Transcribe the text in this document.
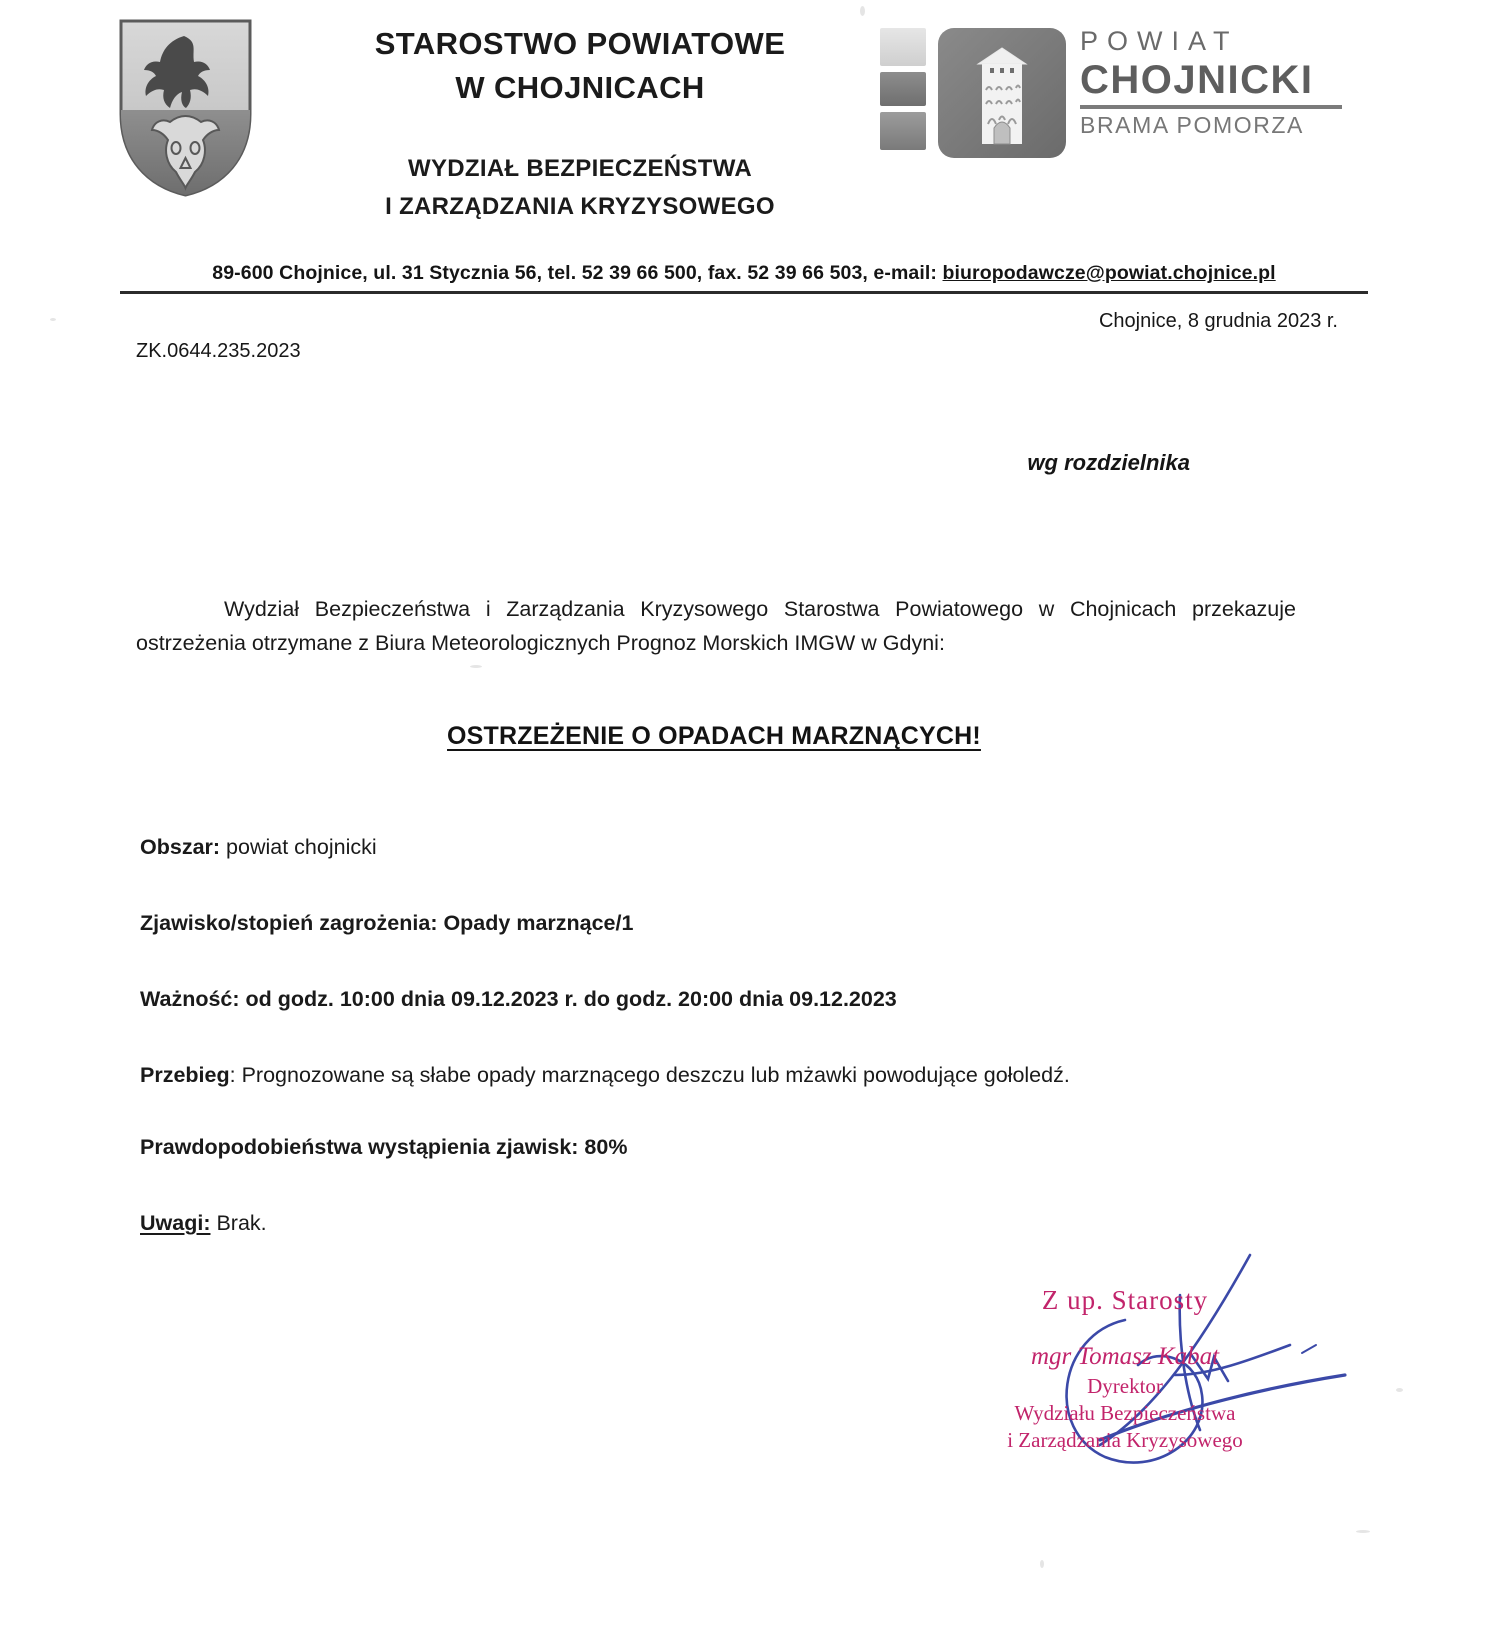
STAROSTWO POWIATOWE
W CHOJNICACH
WYDZIAŁ BEZPIECZEŃSTWA
I ZARZĄDZANIA KRYZYSOWEGO
POWIAT
CHOJNICKI
BRAMA POMORZA
89-600 Chojnice, ul. 31 Stycznia 56, tel. 52 39 66 500, fax. 52 39 66 503, e-mail: biuropodawcze@powiat.chojnice.pl
Chojnice, 8 grudnia 2023 r.
ZK.0644.235.2023
wg rozdzielnika
Wydział Bezpieczeństwa i Zarządzania Kryzysowego Starostwa Powiatowego w Chojnicach przekazuje ostrzeżenia otrzymane z Biura Meteorologicznych Prognoz Morskich IMGW w Gdyni:
OSTRZEŻENIE O OPADACH MARZNĄCYCH!
Obszar: powiat chojnicki
Zjawisko/stopień zagrożenia: Opady marznące/1
Ważność: od godz. 10:00 dnia 09.12.2023 r. do godz. 20:00 dnia 09.12.2023
Przebieg: Prognozowane są słabe opady marznącego deszczu lub mżawki powodujące gołoledź.
Prawdopodobieństwa wystąpienia zjawisk: 80%
Uwagi: Brak.
Z up. Starosty
mgr Tomasz Kabat
Dyrektor
Wydziału Bezpieczeństwa
i Zarządzania Kryzysowego
